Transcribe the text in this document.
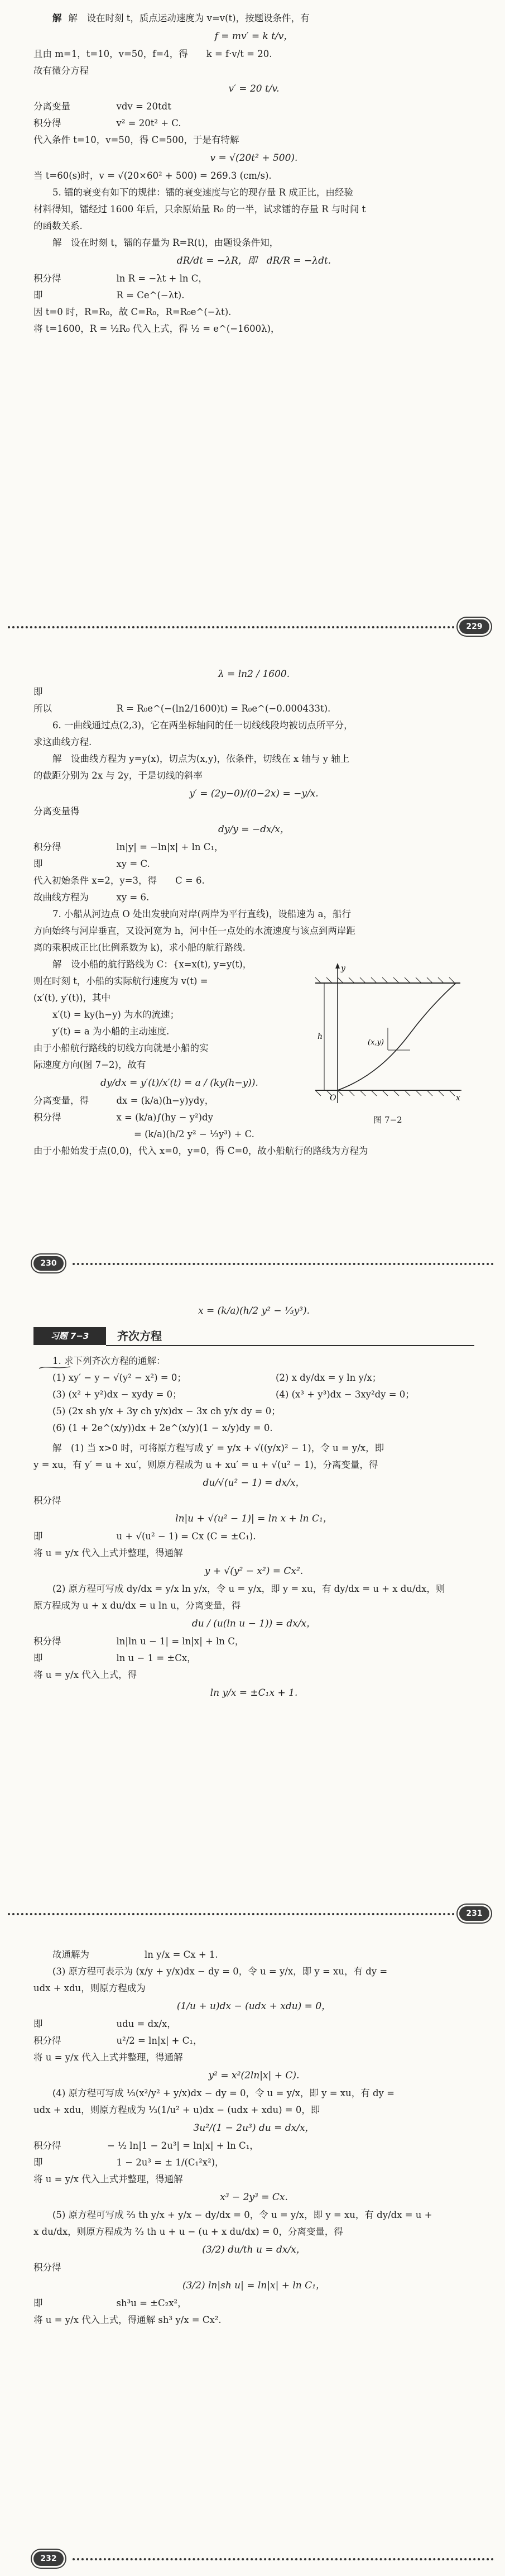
解 解　设在时刻 t，质点运动速度为 v=v(t)，按题设条件，有
f = mv′ = k t/v，
且由 m=1，t=10，v=50，f=4，得　　k = f·v/t = 20.
故有微分方程
v′ = 20 t/v.
分离变量　　　　　vdv = 20tdt
积分得　　　　　　v² = 20t² + C.
代入条件 t=10，v=50，得 C=500，于是有特解
v = √(20t² + 500).
当 t=60(s)时，v = √(20×60² + 500) = 269.3 (cm/s).
5. 镭的衰变有如下的规律：镭的衰变速度与它的现存量 R 成正比，由经验
材料得知，镭经过 1600 年后，只余原始量 R₀ 的一半，试求镭的存量 R 与时间 t
的函数关系.
解　设在时刻 t，镭的存量为 R=R(t)，由题设条件知，
dR/dt = −λR，即　dR/R = −λdt.
积分得　　　　　　ln R = −λt + ln C，
即　　　　　　　　R = Ce^(−λt).
因 t=0 时，R=R₀，故 C=R₀，R=R₀e^(−λt).
将 t=1600，R = ½R₀ 代入上式，得 ½ = e^(−1600λ)，
229
λ = ln2 / 1600.
即
所以　　　　　　　R = R₀e^(−(ln2/1600)t) = R₀e^(−0.000433t).
6. 一曲线通过点(2,3)，它在两坐标轴间的任一切线线段均被切点所平分，
求这曲线方程.
解　设曲线方程为 y=y(x)，切点为(x,y)，依条件，切线在 x 轴与 y 轴上
的截距分别为 2x 与 2y，于是切线的斜率
y′ = (2y−0)/(0−2x) = −y/x.
分离变量得
dy/y = −dx/x，
积分得　　　　　　ln|y| = −ln|x| + ln C₁，
即　　　　　　　　xy = C.
代入初始条件 x=2，y=3，得　　C = 6.
故曲线方程为　　　xy = 6.
7. 小船从河边点 O 处出发驶向对岸(两岸为平行直线)，设船速为 a，船行
方向始终与河岸垂直，又设河宽为 h，河中任一点处的水流速度与该点到两岸距
离的乘积成正比(比例系数为 k)，求小船的航行路线.
解　设小船的航行路线为 C：{x=x(t), y=y(t)，
则在时刻 t，小船的实际航行速度为 v(t) =
(x′(t), y′(t))，其中
x′(t) = ky(h−y) 为水的流速；
y′(t) = a 为小船的主动速度.
由于小船航行路线的切线方向就是小船的实
际速度方向(图 7−2)，故有
dy/dx = y′(t)/x′(t) = a / (ky(h−y)).
分离变量，得　　　dx = (k/a)(h−y)ydy，
积分得　　　　　　x = (k/a)∫(hy − y²)dy
= (k/a)(h/2 y² − ⅓y³) + C.
由于小船始发于点(0,0)，代入 x=0，y=0，得 C=0，故小船航行的路线为方程为
y
h
(x,y)
O	x
图 7−2
230
x = (k/a)(h/2 y² − ⅓y³).
习题 7−3	齐次方程
1. 求下列齐次方程的通解：
(1) xy′ − y − √(y² − x²) = 0；	(2) x dy/dx = y ln y/x；
(3) (x² + y²)dx − xydy = 0；	(4) (x³ + y³)dx − 3xy²dy = 0；
(5) (2x sh y/x + 3y ch y/x)dx − 3x ch y/x dy = 0；
(6) (1 + 2e^(x/y))dx + 2e^(x/y)(1 − x/y)dy = 0.
解　(1) 当 x>0 时，可将原方程写成 y′ = y/x + √((y/x)² − 1)，令 u = y/x，即
y = xu，有 y′ = u + xu′，则原方程成为 u + xu′ = u + √(u² − 1)，分离变量，得
du/√(u² − 1) = dx/x，
积分得
ln|u + √(u² − 1)| = ln x + ln C₁，
即　　　　　　　　u + √(u² − 1) = Cx (C = ±C₁).
将 u = y/x 代入上式并整理，得通解
y + √(y² − x²) = Cx².
(2) 原方程可写成 dy/dx = y/x ln y/x，令 u = y/x，即 y = xu，有 dy/dx = u + x du/dx，则
原方程成为 u + x du/dx = u ln u，分离变量，得
du / (u(ln u − 1)) = dx/x，
积分得　　　　　　ln|ln u − 1| = ln|x| + ln C，
即　　　　　　　　ln u − 1 = ±Cx，
将 u = y/x 代入上式，得
ln y/x = ±C₁x + 1.
231
故通解为　　　　　　ln y/x = Cx + 1.
(3) 原方程可表示为 (x/y + y/x)dx − dy = 0，令 u = y/x，即 y = xu，有 dy =
udx + xdu，则原方程成为
(1/u + u)dx − (udx + xdu) = 0，
即　　　　　　　　udu = dx/x，
积分得　　　　　　u²/2 = ln|x| + C₁，
将 u = y/x 代入上式并整理，得通解
y² = x²(2ln|x| + C).
(4) 原方程可写成 ⅓(x²/y² + y/x)dx − dy = 0，令 u = y/x，即 y = xu，有 dy =
udx + xdu，则原方程成为 ⅓(1/u² + u)dx − (udx + xdu) = 0，即
3u²/(1 − 2u³) du = dx/x，
积分得　　　　　− ½ ln|1 − 2u³| = ln|x| + ln C₁，
即　　　　　　　　1 − 2u³ = ± 1/(C₁²x²)，
将 u = y/x 代入上式并整理，得通解
x³ − 2y³ = Cx.
(5) 原方程可写成 ⅔ th y/x + y/x − dy/dx = 0，令 u = y/x，即 y = xu，有 dy/dx = u +
x du/dx，则原方程成为 ⅔ th u + u − (u + x du/dx) = 0，分离变量，得
(3/2) du/th u = dx/x，
积分得
(3/2) ln|sh u| = ln|x| + ln C₁，
即　　　　　　　　sh³u = ±C₂x²，
将 u = y/x 代入上式，得通解 sh³ y/x = Cx².
232
